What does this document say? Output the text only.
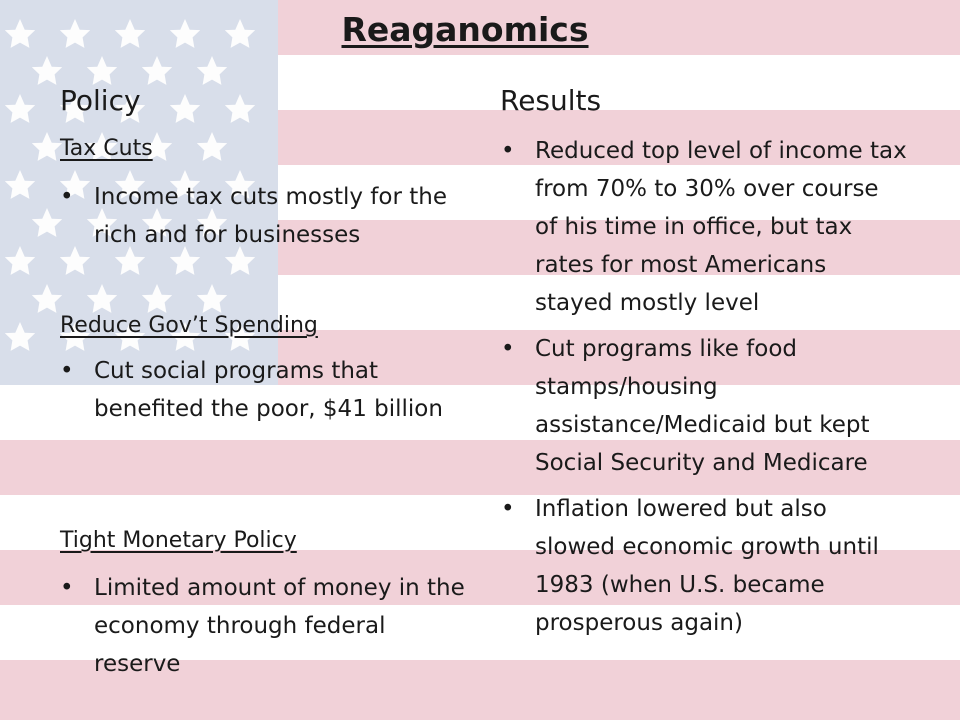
Reaganomics
Policy	Results
Tax Cuts
• Income tax cuts mostly for the rich and for businesses
Reduce Gov’t Spending
• Cut social programs that benefited the poor, $41 billion
Tight Monetary Policy
• Limited amount of money in the economy through federal reserve
• Reduced top level of income tax from 70% to 30% over course of his time in office, but tax rates for most Americans stayed mostly level
• Cut programs like food stamps/housing assistance/Medicaid but kept Social Security and Medicare
• Inflation lowered but also slowed economic growth until 1983 (when U.S. became prosperous again)
